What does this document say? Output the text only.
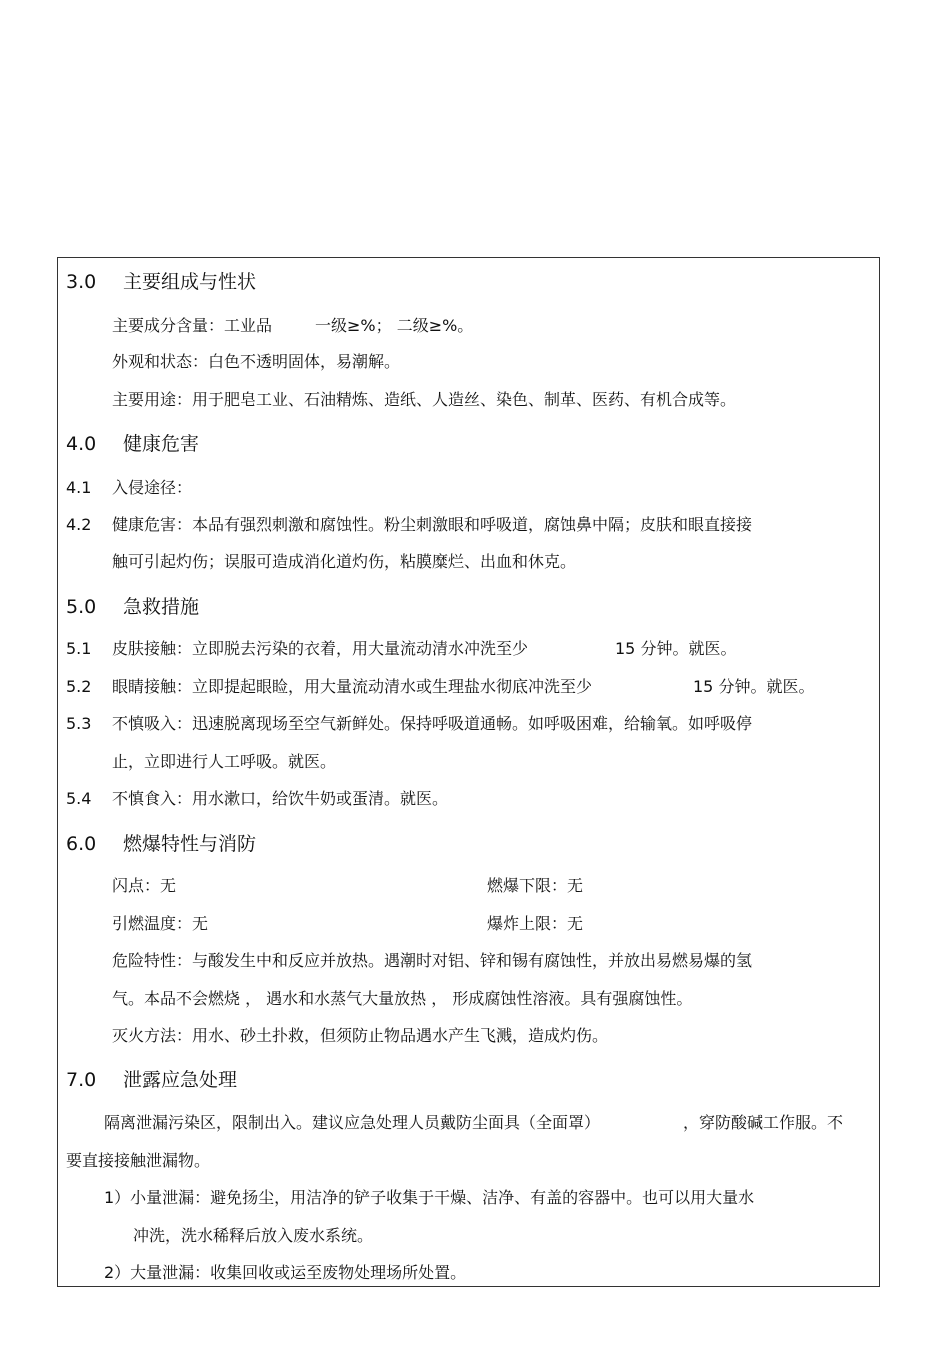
3.0 主要组成与性状
主要成分含量：工业品	一级≥%； 二级≥%。
外观和状态：白色不透明固体，易潮解。
主要用途：用于肥皂工业、石油精炼、造纸、人造丝、染色、制革、医药、有机合成等。
4.0 健康危害
4.1 入侵途径：
4.2 健康危害：本品有强烈刺激和腐蚀性。粉尘刺激眼和呼吸道，腐蚀鼻中隔；皮肤和眼直接接
触可引起灼伤；误服可造成消化道灼伤，粘膜糜烂、出血和休克。
5.0 急救措施
5.1 皮肤接触：立即脱去污染的衣着，用大量流动清水冲洗至少	15 分钟。就医。
5.2 眼睛接触：立即提起眼睑，用大量流动清水或生理盐水彻底冲洗至少	15 分钟。就医。
5.3 不慎吸入：迅速脱离现场至空气新鲜处。保持呼吸道通畅。如呼吸困难，给输氧。如呼吸停
止，立即进行人工呼吸。就医。
5.4 不慎食入：用水漱口，给饮牛奶或蛋清。就医。
6.0 燃爆特性与消防
闪点：无	燃爆下限：无
引燃温度：无	爆炸上限：无
危险特性：与酸发生中和反应并放热。遇潮时对铝、锌和锡有腐蚀性，并放出易燃易爆的氢
气。本品不会燃烧 ， 遇水和水蒸气大量放热 ， 形成腐蚀性溶液。具有强腐蚀性。
灭火方法：用水、砂土扑救，但须防止物品遇水产生飞溅，造成灼伤。
7.0 泄露应急处理
隔离泄漏污染区，限制出入。建议应急处理人员戴防尘面具（全面罩）	，穿防酸碱工作服。不
要直接接触泄漏物。
1）小量泄漏：避免扬尘，用洁净的铲子收集于干燥、洁净、有盖的容器中。也可以用大量水
冲洗，洗水稀释后放入废水系统。
2）大量泄漏：收集回收或运至废物处理场所处置。
